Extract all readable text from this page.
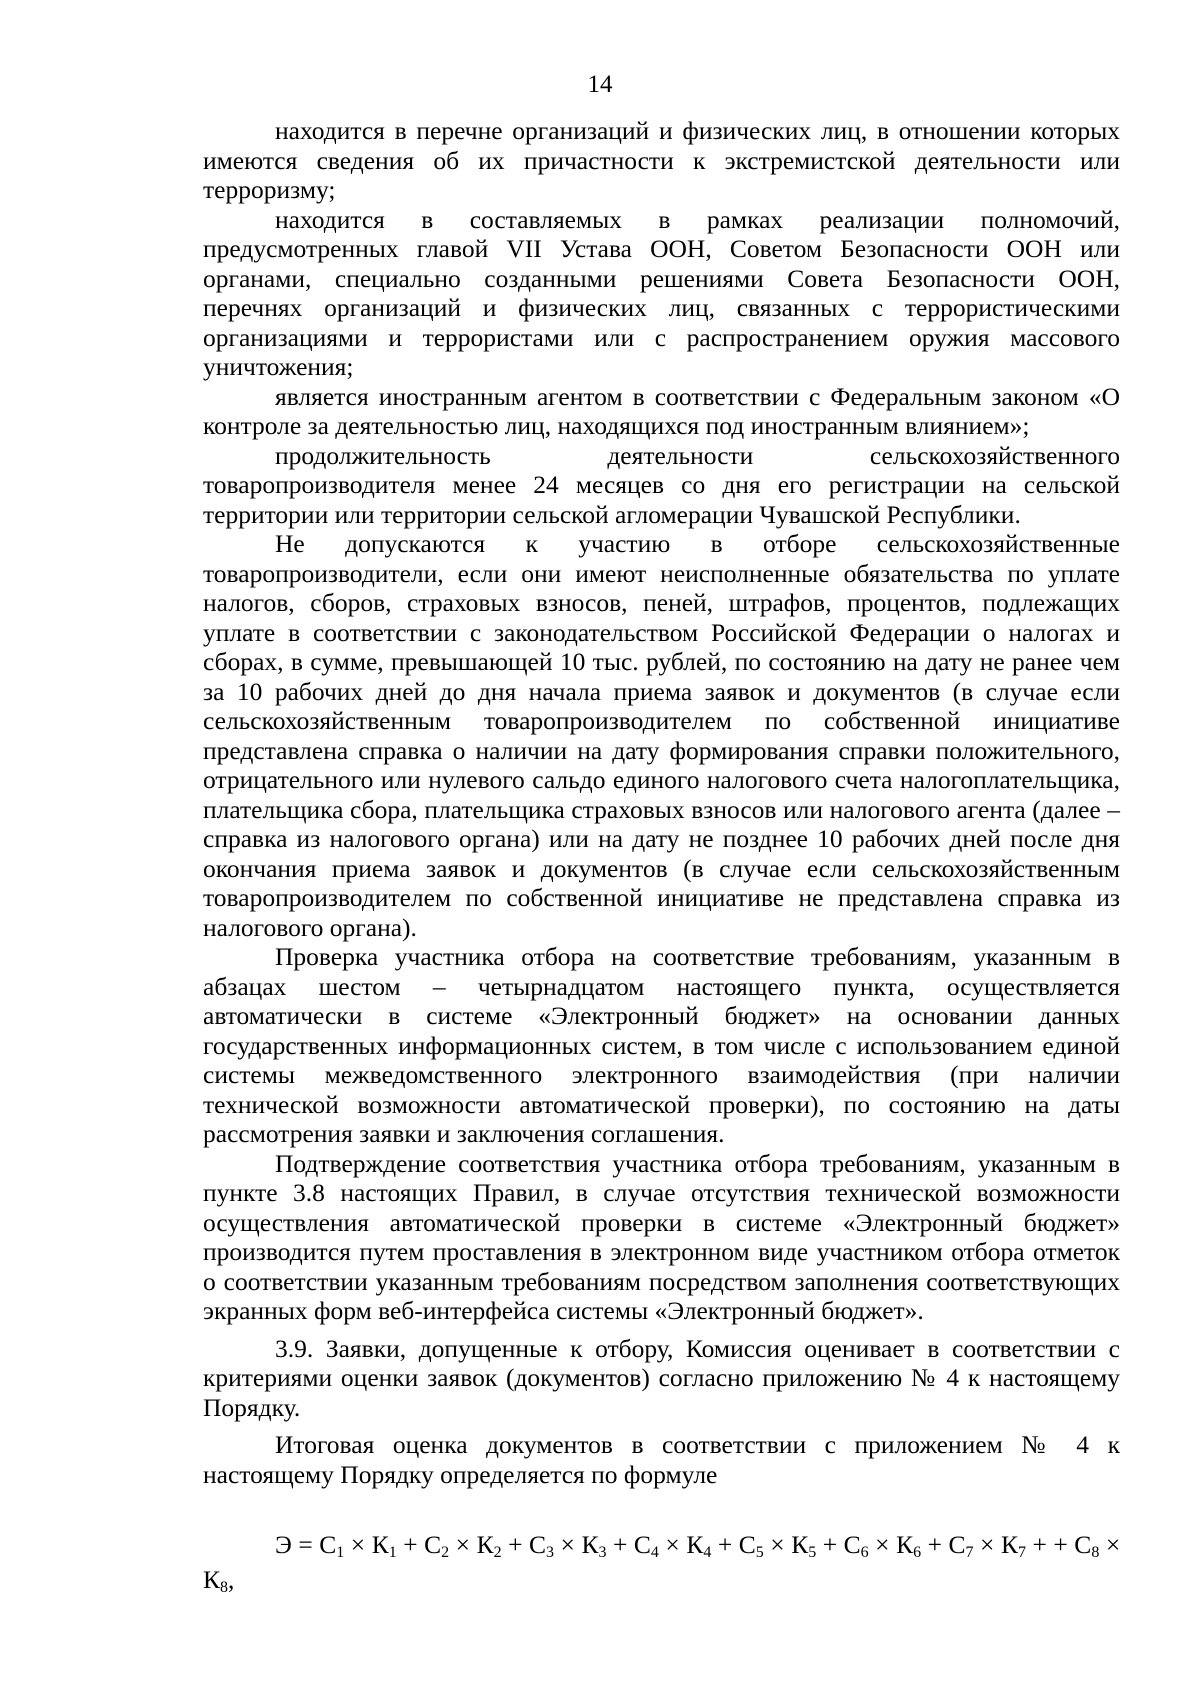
14

находится в перечне организаций и физических лиц, в отношении которых имеются сведения об их причастности к экстремистской деятельности или терроризму;

находится в составляемых в рамках реализации полномочий, предусмотренных главой VII Устава ООН, Советом Безопасности ООН или органами, специально созданными решениями Совета Безопасности ООН, перечнях организаций и физических лиц, связанных с террористическими организациями и террористами или с распространением оружия массового уничтожения;

является иностранным агентом в соответствии с Федеральным законом «О контроле за деятельностью лиц, находящихся под иностранным влиянием»;

продолжительность деятельности сельскохозяйственного товаропроизводителя менее 24 месяцев со дня его регистрации на сельской территории или территории сельской агломерации Чувашской Республики.

Не допускаются к участию в отборе сельскохозяйственные товаропроизводители, если они имеют неисполненные обязательства по уплате налогов, сборов, страховых взносов, пеней, штрафов, процентов, подлежащих уплате в соответствии с законодательством Российской Федерации о налогах и сборах, в сумме, превышающей 10 тыс. рублей, по состоянию на дату не ранее чем за 10 рабочих дней до дня начала приема заявок и документов (в случае если сельскохозяйственным товаропроизводителем по собственной инициативе представлена справка о наличии на дату формирования справки положительного, отрицательного или нулевого сальдо единого налогового счета налогоплательщика, плательщика сбора, плательщика страховых взносов или налогового агента (далее – справка из налогового органа) или на дату не позднее 10 рабочих дней после дня окончания приема заявок и документов (в случае если сельскохозяйственным товаропроизводителем по собственной инициативе не представлена справка из налогового органа).

Проверка участника отбора на соответствие требованиям, указанным в абзацах шестом – четырнадцатом настоящего пункта, осуществляется автоматически в системе «Электронный бюджет» на основании данных государственных информационных систем, в том числе с использованием единой системы межведомственного электронного взаимодействия (при наличии технической возможности автоматической проверки), по состоянию на даты рассмотрения заявки и заключения соглашения.

Подтверждение соответствия участника отбора требованиям, указанным в пункте 3.8 настоящих Правил, в случае отсутствия технической возможности осуществления автоматической проверки в системе «Электронный бюджет» производится путем проставления в электронном виде участником отбора отметок о соответствии указанным требованиям посредством заполнения соответствующих экранных форм веб-интерфейса системы «Электронный бюджет».

3.9. Заявки, допущенные к отбору, Комиссия оценивает в соответствии с критериями оценки заявок (документов) согласно приложению № 4 к настоящему Порядку.

Итоговая оценка документов в соответствии с приложением № 4 к настоящему Порядку определяется по формуле

$Э = С_1 \times К_1 + С_2 \times К_2 + С_3 \times К_3 + С_4 \times К_4 + С_5 \times К_5 + С_6 \times К_6 + С_7 \times К_7$ + + $С_8 \times К_8$,
